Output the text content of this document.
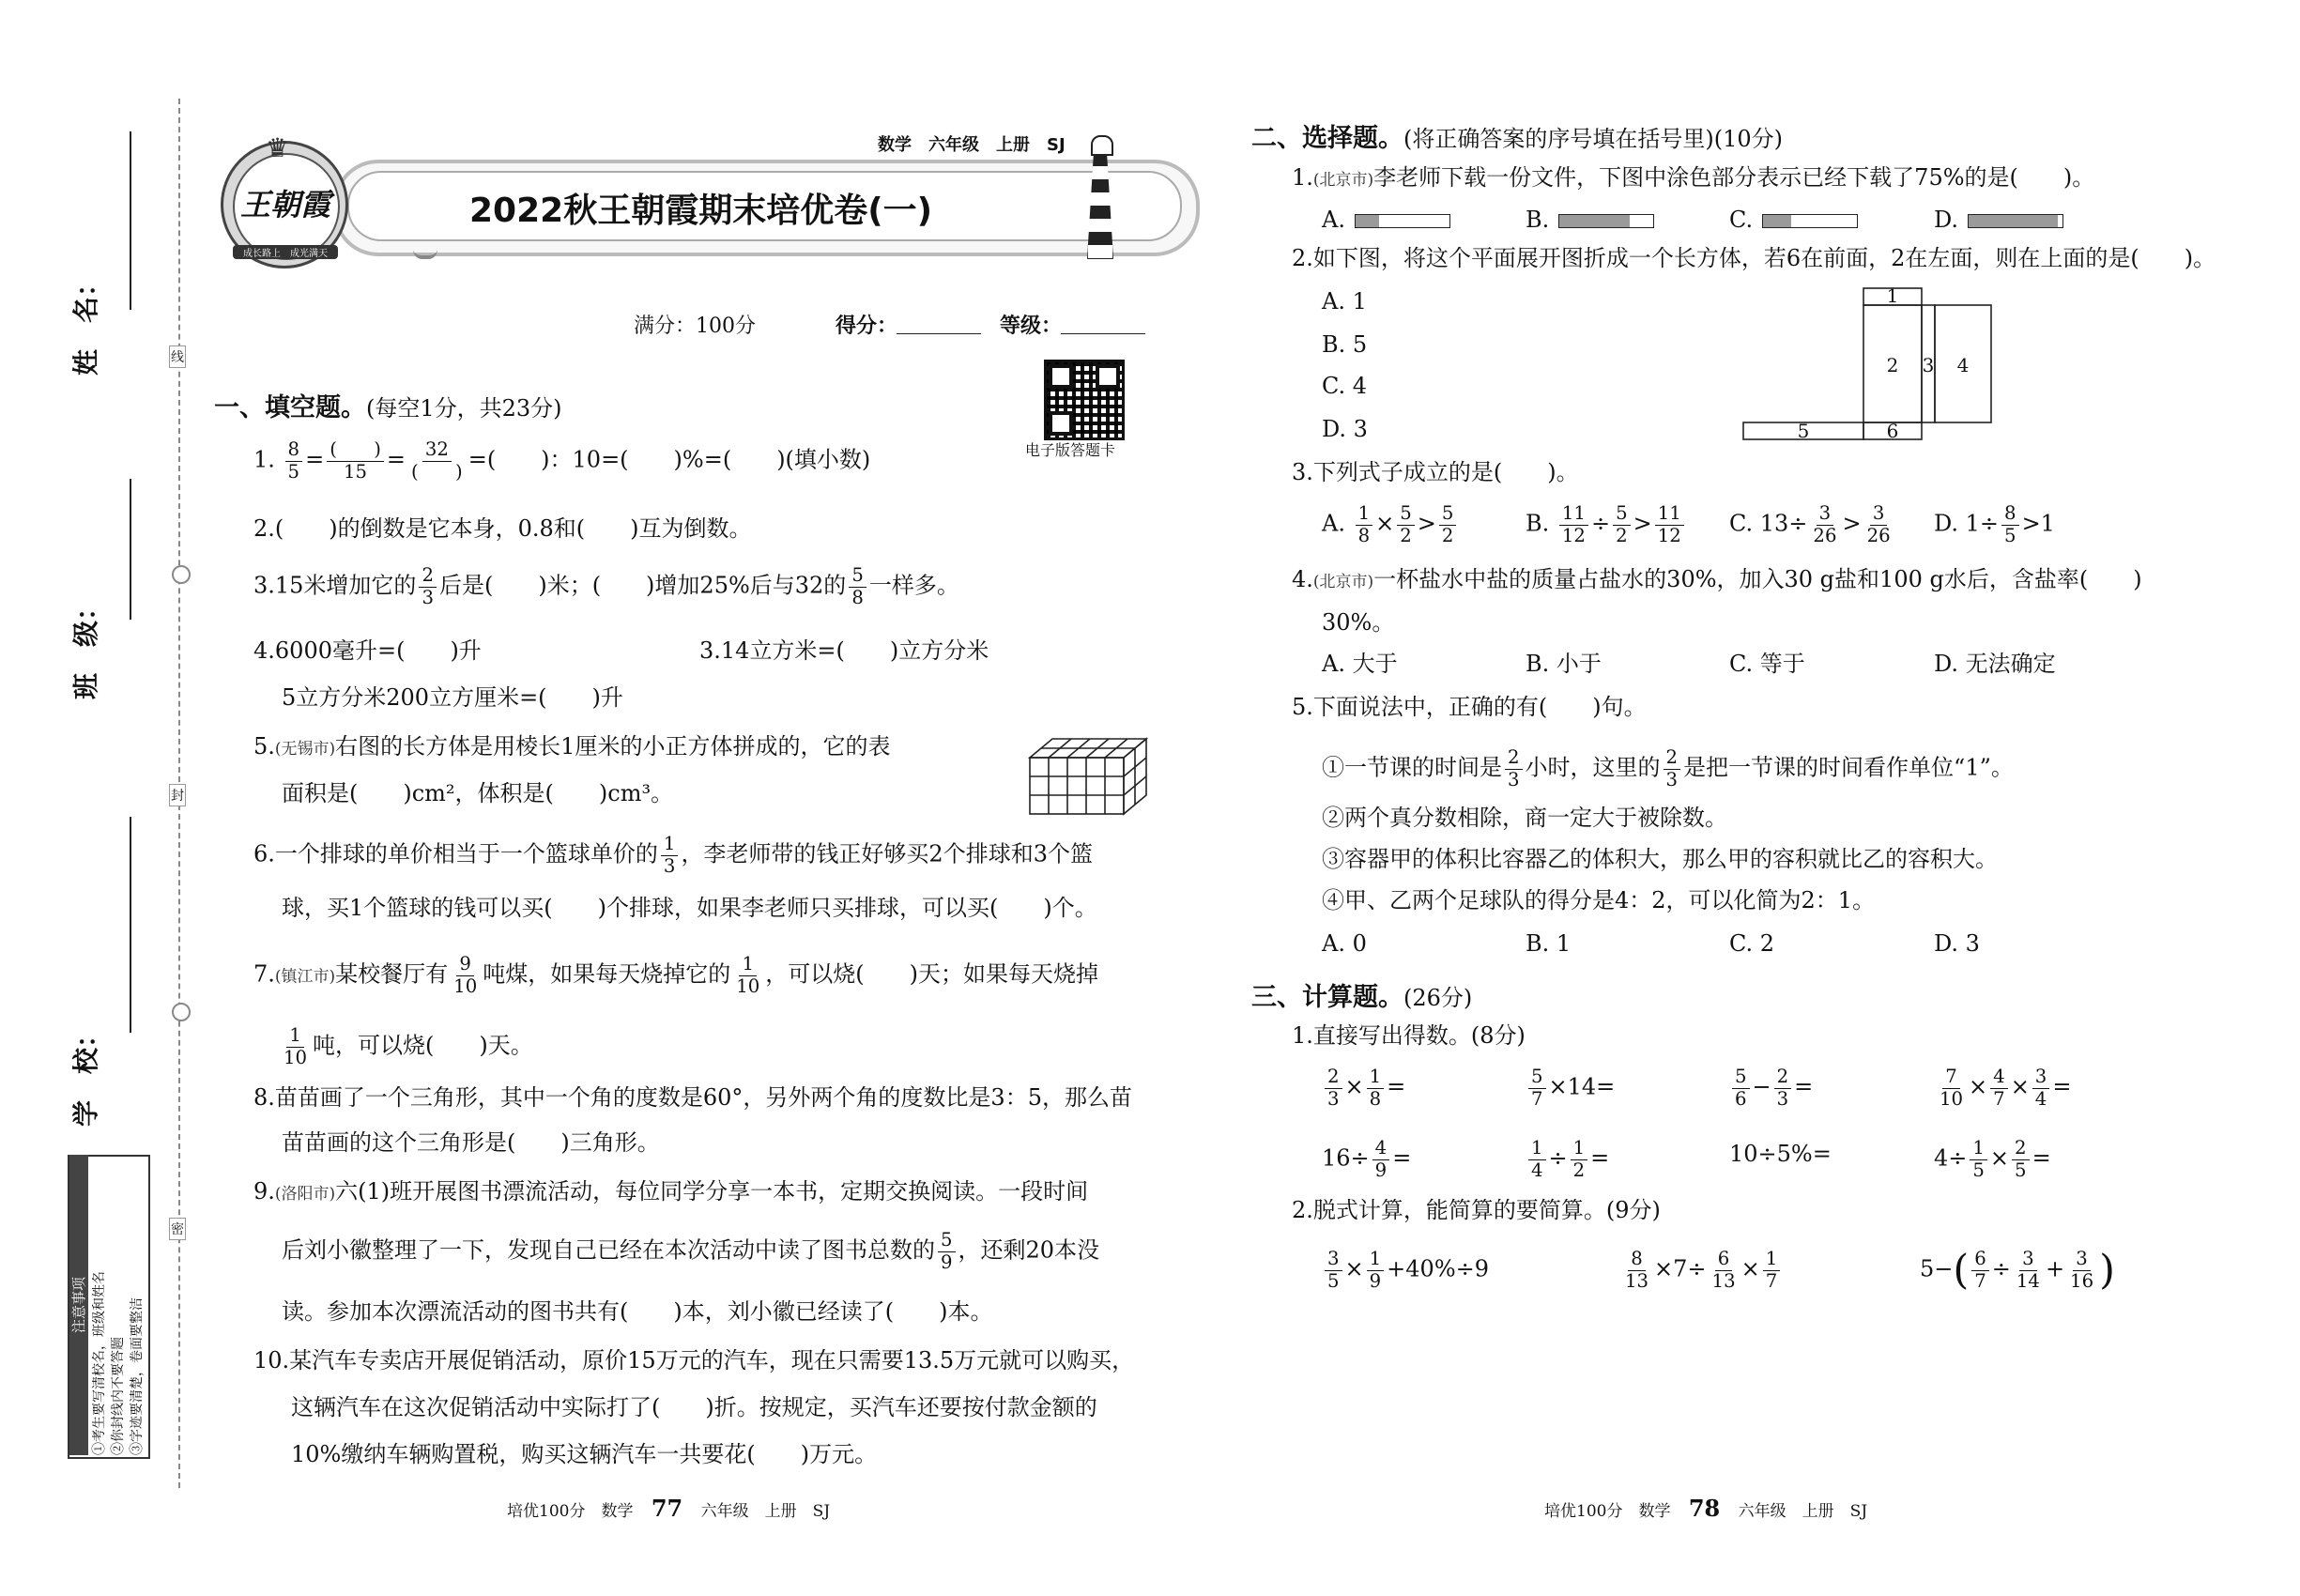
姓　名：
班　级：
学　校：
线
封
密
注意事项 ①考生要写清校名，班级和姓名 ②你封线内不要答题 ③字迹要清楚，卷面要整洁
♛
王朝霞
成长路上　成光满天
数学　六年级　上册　SJ
2022秋王朝霞期末培优卷(一)
满分：100分	得分：	等级：
电子版答题卡
一、填空题。(每空1分，共23分)
1. $\frac{8}{5}$ = (　　)
15 = 32
(　　) =(　　)：10=(　　)%=(　　)(填小数)
2.(　　)的倒数是它本身，0.8和(　　)互为倒数。
3.15米增加它的 $\frac{2}{3}$ 后是(　　)米；(　　)增加25%后与32的 $\frac{5}{8}$ 一样多。
4.6000毫升=(　　)升	3.14立方米=(　　)立方分米
5立方分米200立方厘米=(　　)升
5.(无锡市)右图的长方体是用棱长1厘米的小正方体拼成的，它的表
面积是(　　)cm²，体积是(　　)cm³。
6.一个排球的单价相当于一个篮球单价的 $\frac{1}{3}$ ，李老师带的钱正好够买2个排球和3个篮
球，买1个篮球的钱可以买(　　)个排球，如果李老师只买排球，可以买(　　)个。
7.(镇江市)某校餐厅有 $\frac{9}{10}$ 吨煤，如果每天烧掉它的 $\frac{1}{10}$ ，可以烧(　　)天；如果每天烧掉
$\frac{1}{10}$ 吨，可以烧(　　)天。
8.苗苗画了一个三角形，其中一个角的度数是60°，另外两个角的度数比是3：5，那么苗
苗苗画的这个三角形是(　　)三角形。
9.(洛阳市)六(1)班开展图书漂流活动，每位同学分享一本书，定期交换阅读。一段时间
后刘小徽整理了一下，发现自己已经在本次活动中读了图书总数的 $\frac{5}{9}$ ，还剩20本没
读。参加本次漂流活动的图书共有(　　)本，刘小徽已经读了(　　)本。
10.某汽车专卖店开展促销活动，原价15万元的汽车，现在只需要13.5万元就可以购买，
这辆汽车在这次促销活动中实际打了(　　)折。按规定，买汽车还要按付款金额的
10%缴纳车辆购置税，购买这辆汽车一共要花(　　)万元。
培优100分　数学 77 六年级　上册　SJ
二、选择题。(将正确答案的序号填在括号里)(10分)
1.(北京市)李老师下载一份文件，下图中涂色部分表示已经下载了75%的是(　　)。
A.	B.	C.	D.
2.如下图，将这个平面展开图折成一个长方体，若6在前面，2在左面，则在上面的是(　　)。
A. 1
B. 5
C. 4
D. 3
1
2 3 4
5	6
3.下列式子成立的是(　　)。
A. $\frac{1}{8} \times \frac{5}{2} > \frac{5}{2}$	B. $\frac{11}{12} \div \frac{5}{2} > \frac{11}{12} C$. $13\div \frac{3}{26} > \frac{3}{26} D$. $1\div \frac{8}{5} >1$
4.(北京市)一杯盐水中盐的质量占盐水的30%，加入30 g盐和100 g水后，含盐率(　　)
30%。
A. 大于	B. 小于	C. 等于	D. 无法确定
5.下面说法中，正确的有(　　)句。
①一节课的时间是 $\frac{2}{3}$ 小时，这里的 $\frac{2}{3}$ 是把一节课的时间看作单位“1”。
②两个真分数相除，商一定大于被除数。
③容器甲的体积比容器乙的体积大，那么甲的容积就比乙的容积大。
④甲、乙两个足球队的得分是4：2，可以化简为2：1。
A. 0	B. 1	C. 2	D. 3
三、计算题。(26分)
1.直接写出得数。(8分)
$\frac{2}{3} \times \frac{1}{8}$ =	$\frac{5}{7} \times 14=$	$\frac{5}{6} - \frac{2}{3}$ =	$\frac{7}{10} \times \frac{4}{7} \times \frac{3}{4}$ =
$16\div \frac{4}{9}$ =	$\frac{1}{4} \div \frac{1}{2}$ =	10÷5%=	$4\div \frac{1}{5} \times \frac{2}{5}$ =
2.脱式计算，能简算的要简算。(9分)
$\frac{3}{5} \times \frac{1}{9} +40\%\div 9$	$\frac{8}{13} \times 7\div \frac{6}{13} \times \frac{1}{7}$	$5-( \frac{6}{7} \div \frac{3}{14} + \frac{3}{16}$ )
培优100分　数学 78 六年级　上册　SJ
